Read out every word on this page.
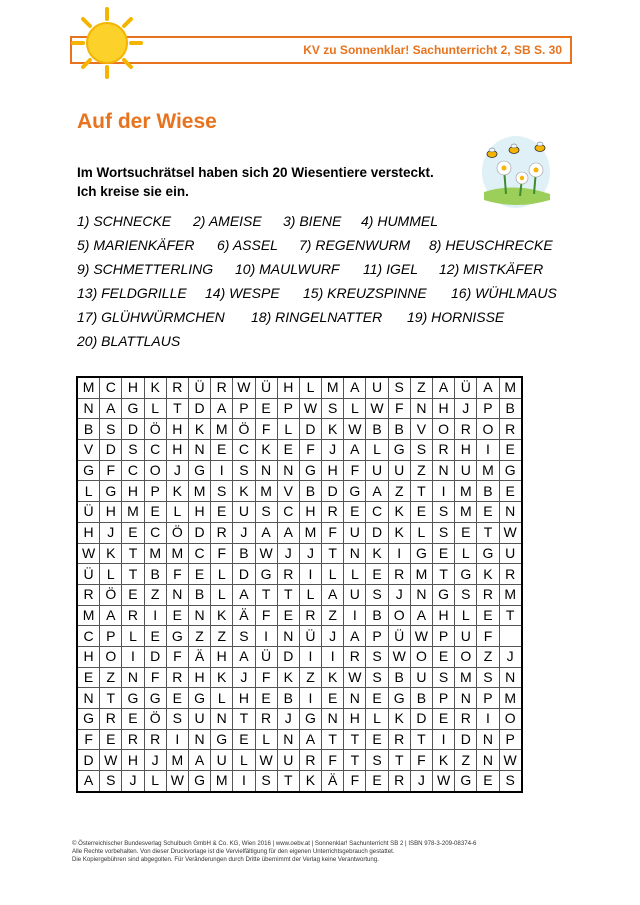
KV zu Sonnenklar! Sachunterricht 2, SB S. 30
Auf der Wiese
Im Wortsuchrätsel haben sich 20 Wiesentiere versteckt.
Ich kreise sie ein.
1) SCHNECKE 2) AMEISE 3) BIENE 4) HUMMEL
5) MARIENKÄFER 6) ASSEL 7) REGENWURM 8) HEUSCHRECKE
9) SCHMETTERLING 10) MAULWURF 11) IGEL 12) MISTKÄFER
13) FELDGRILLE 14) WESPE 15) KREUZSPINNE 16) WÜHLMAUS
17) GLÜHWÜRMCHEN 18) RINGELNATTER 19) HORNISSE
20) BLATTLAUS
M	C	H	K	R	Ü	R	W	Ü	H	L	M	A	U	S	Z	A	Ü	A	M
N	A	G	L	T	D	A	P	E	P	W	S	L	W	F	N	H	J	P	B
B	S	D	Ö	H	K	M	Ö	F	L	D	K	W	B	B	V	O	R	O	R
V	D	S	C	H	N	E	C	K	E	F	J	A	L	G	S	R	H	I	E
G	F	C	O	J	G	I	S	N	N	G	H	F	U	U	Z	N	U	M	G
L	G	H	P	K	M	S	K	M	V	B	D	G	A	Z	T	I	M	B	E
Ü	H	M	E	L	H	E	U	S	C	H	R	E	C	K	E	S	M	E	N
H	J	E	C	Ö	D	R	J	A	A	M	F	U	D	K	L	S	E	T	W
W	K	T	M	M	C	F	B	W	J	J	T	N	K	I	G	E	L	G	U
Ü	L	T	B	F	E	L	D	G	R	I	L	L	E	R	M	T	G	K	R
R	Ö	E	Z	N	B	L	A	T	T	L	A	U	S	J	N	G	S	R	M
M	A	R	I	E	N	K	Ä	F	E	R	Z	I	B	O	A	H	L	E	T
C	P	L	E	G	Z	Z	S	I	N	Ü	J	A	P	Ü	W	P	U	F	
H	O	I	D	F	Ä	H	A	Ü	D	I	I	R	S	W	O	E	O	Z	J
E	Z	N	F	R	H	K	J	F	K	Z	K	W	S	B	U	S	M	S	N
N	T	G	G	E	G	L	H	E	B	I	E	N	E	G	B	P	N	P	M
G	R	E	Ö	S	U	N	T	R	J	G	N	H	L	K	D	E	R	I	O
F	E	R	R	I	N	G	E	L	N	A	T	T	E	R	T	I	D	N	P
D	W	H	J	M	A	U	L	W	U	R	F	T	S	T	F	K	Z	N	W
A	S	J	L	W	G	M	I	S	T	K	Ä	F	E	R	J	W	G	E	S
© Österreichischer Bundesverlag Schulbuch GmbH & Co. KG, Wien 2016 | www.oebv.at | Sonnenklar! Sachunterricht SB 2 | ISBN 978-3-209-08374-6
Alle Rechte vorbehalten. Von dieser Druckvorlage ist die Vervielfältigung für den eigenen Unterrichtsgebrauch gestattet.
Die Kopiergebühren sind abgegolten. Für Veränderungen durch Dritte übernimmt der Verlag keine Verantwortung.
